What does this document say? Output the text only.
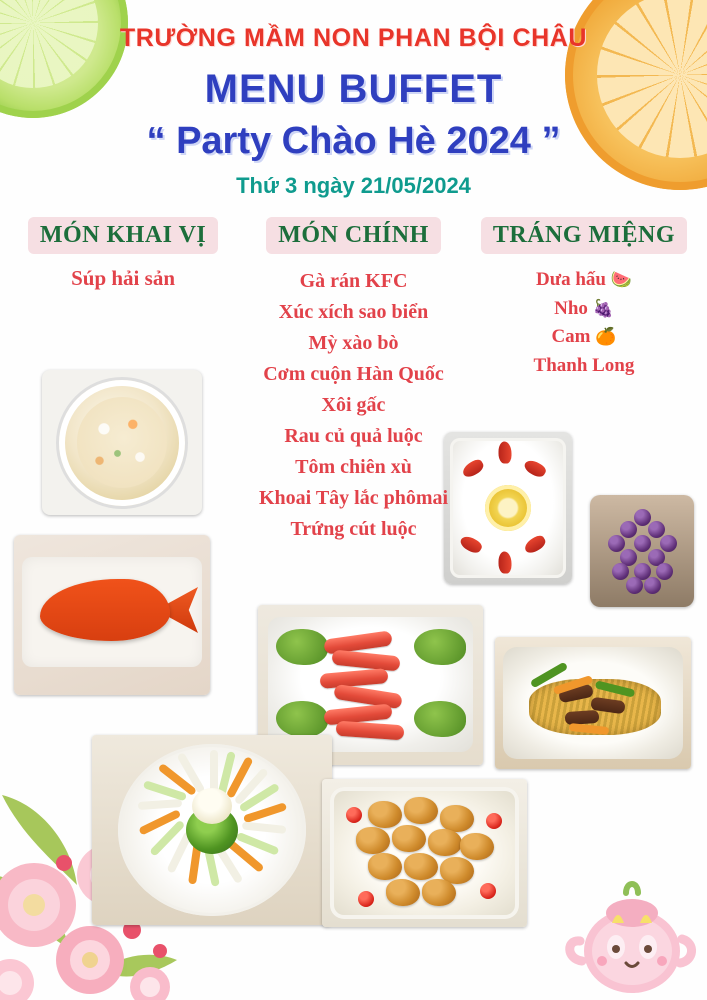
TRƯỜNG MẦM NON PHAN BỘI CHÂU
MENU BUFFET
“ Party Chào Hè 2024 ”
Thứ 3 ngày 21/05/2024
MÓN KHAI VỊ
Súp hải sản
MÓN CHÍNH
Gà rán KFC
Xúc xích sao biển
Mỳ xào bò
Cơm cuộn Hàn Quốc
Xôi gấc
Rau củ quả luộc
Tôm chiên xù
Khoai Tây lắc phômai
Trứng cút luộc
TRÁNG MIỆNG
Dưa hấu 🍉
Nho 🍇
Cam 🍊
Thanh Long
